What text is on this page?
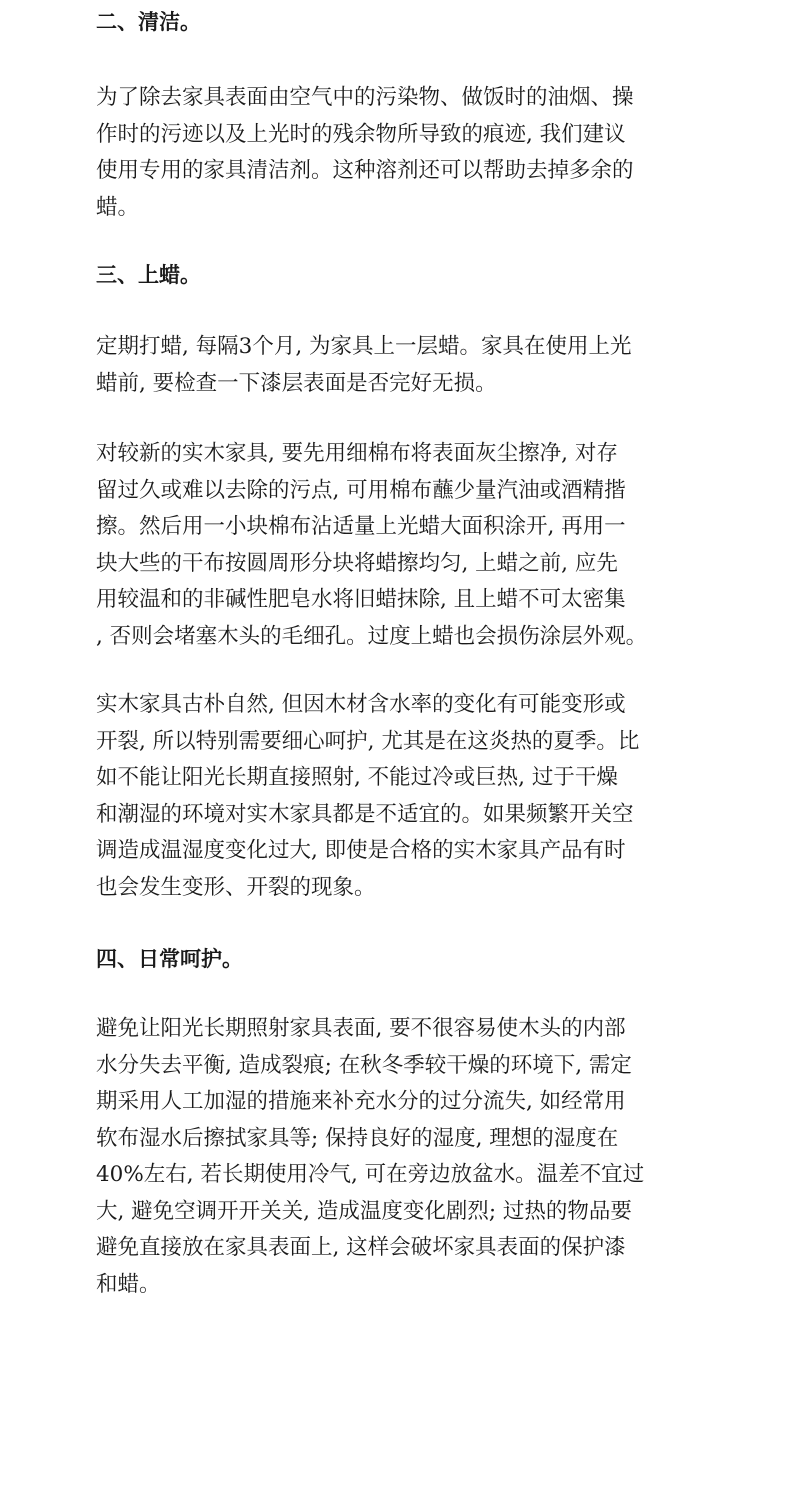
二、清洁。

为了除去家具表面由空气中的污染物、做饭时的油烟、操
作时的污迹以及上光时的残余物所导致的痕迹, 我们建议
使用专用的家具清洁剂。这种溶剂还可以帮助去掉多余的
蜡。

三、上蜡。

定期打蜡, 每隔3个月, 为家具上一层蜡。家具在使用上光
蜡前, 要检查一下漆层表面是否完好无损。

对较新的实木家具, 要先用细棉布将表面灰尘擦净, 对存
留过久或难以去除的污点, 可用棉布蘸少量汽油或酒精揩
擦。然后用一小块棉布沾适量上光蜡大面积涂开, 再用一
块大些的干布按圆周形分块将蜡擦均匀, 上蜡之前, 应先
用较温和的非碱性肥皂水将旧蜡抹除, 且上蜡不可太密集
, 否则会堵塞木头的毛细孔。过度上蜡也会损伤涂层外观。

实木家具古朴自然, 但因木材含水率的变化有可能变形或
开裂, 所以特别需要细心呵护, 尤其是在这炎热的夏季。比
如不能让阳光长期直接照射, 不能过冷或巨热, 过于干燥
和潮湿的环境对实木家具都是不适宜的。如果频繁开关空
调造成温湿度变化过大, 即使是合格的实木家具产品有时
也会发生变形、开裂的现象。

四、日常呵护。

避免让阳光长期照射家具表面, 要不很容易使木头的内部
水分失去平衡, 造成裂痕; 在秋冬季较干燥的环境下, 需定
期采用人工加湿的措施来补充水分的过分流失, 如经常用
软布湿水后擦拭家具等; 保持良好的湿度, 理想的湿度在
40%左右, 若长期使用冷气, 可在旁边放盆水。温差不宜过
大, 避免空调开开关关, 造成温度变化剧烈; 过热的物品要
避免直接放在家具表面上, 这样会破坏家具表面的保护漆
和蜡。
